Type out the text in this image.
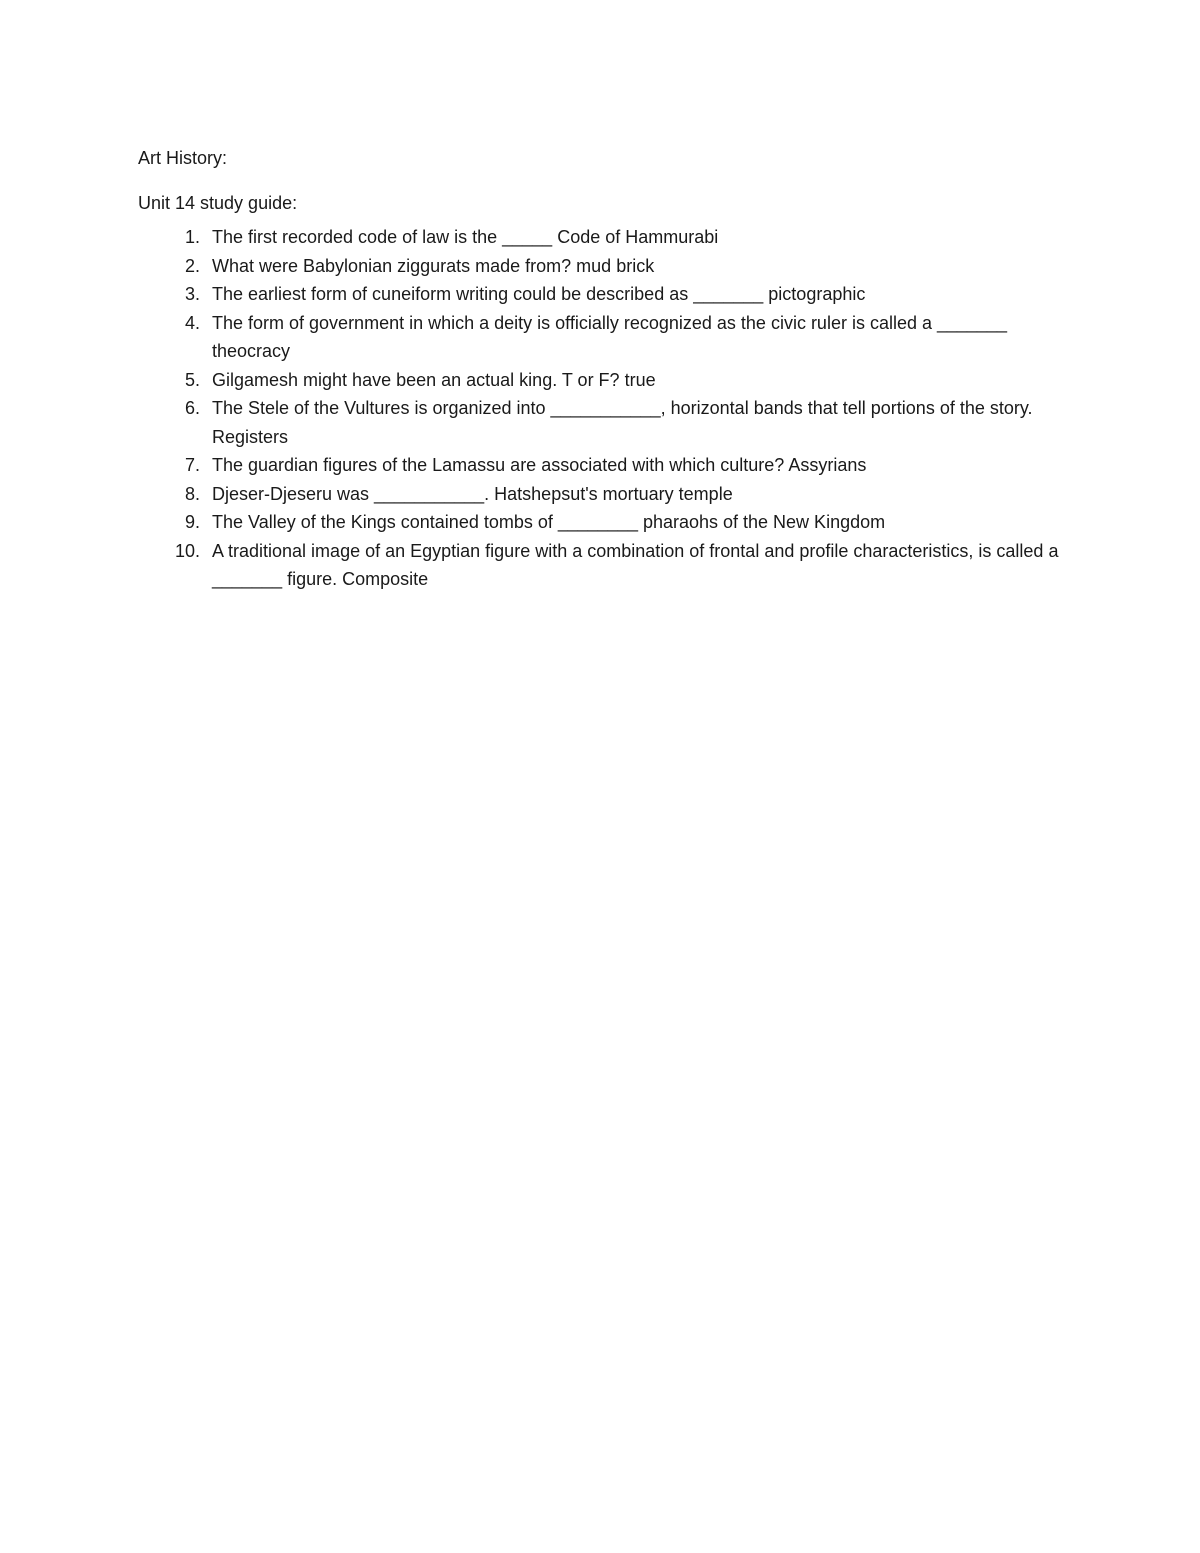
Art History:

Unit 14 study guide:

1. The first recorded code of law is the _____ Code of Hammurabi
2. What were Babylonian ziggurats made from? mud brick
3. The earliest form of cuneiform writing could be described as _______ pictographic
4. The form of government in which a deity is officially recognized as the civic ruler is called a _______ theocracy
5. Gilgamesh might have been an actual king. T or F? true
6. The Stele of the Vultures is organized into ___________, horizontal bands that tell portions of the story. Registers
7. The guardian figures of the Lamassu are associated with which culture? Assyrians
8. Djeser-Djeseru was ___________. Hatshepsut's mortuary temple
9. The Valley of the Kings contained tombs of ________ pharaohs of the New Kingdom
10. A traditional image of an Egyptian figure with a combination of frontal and profile characteristics, is called a _______ figure. Composite
